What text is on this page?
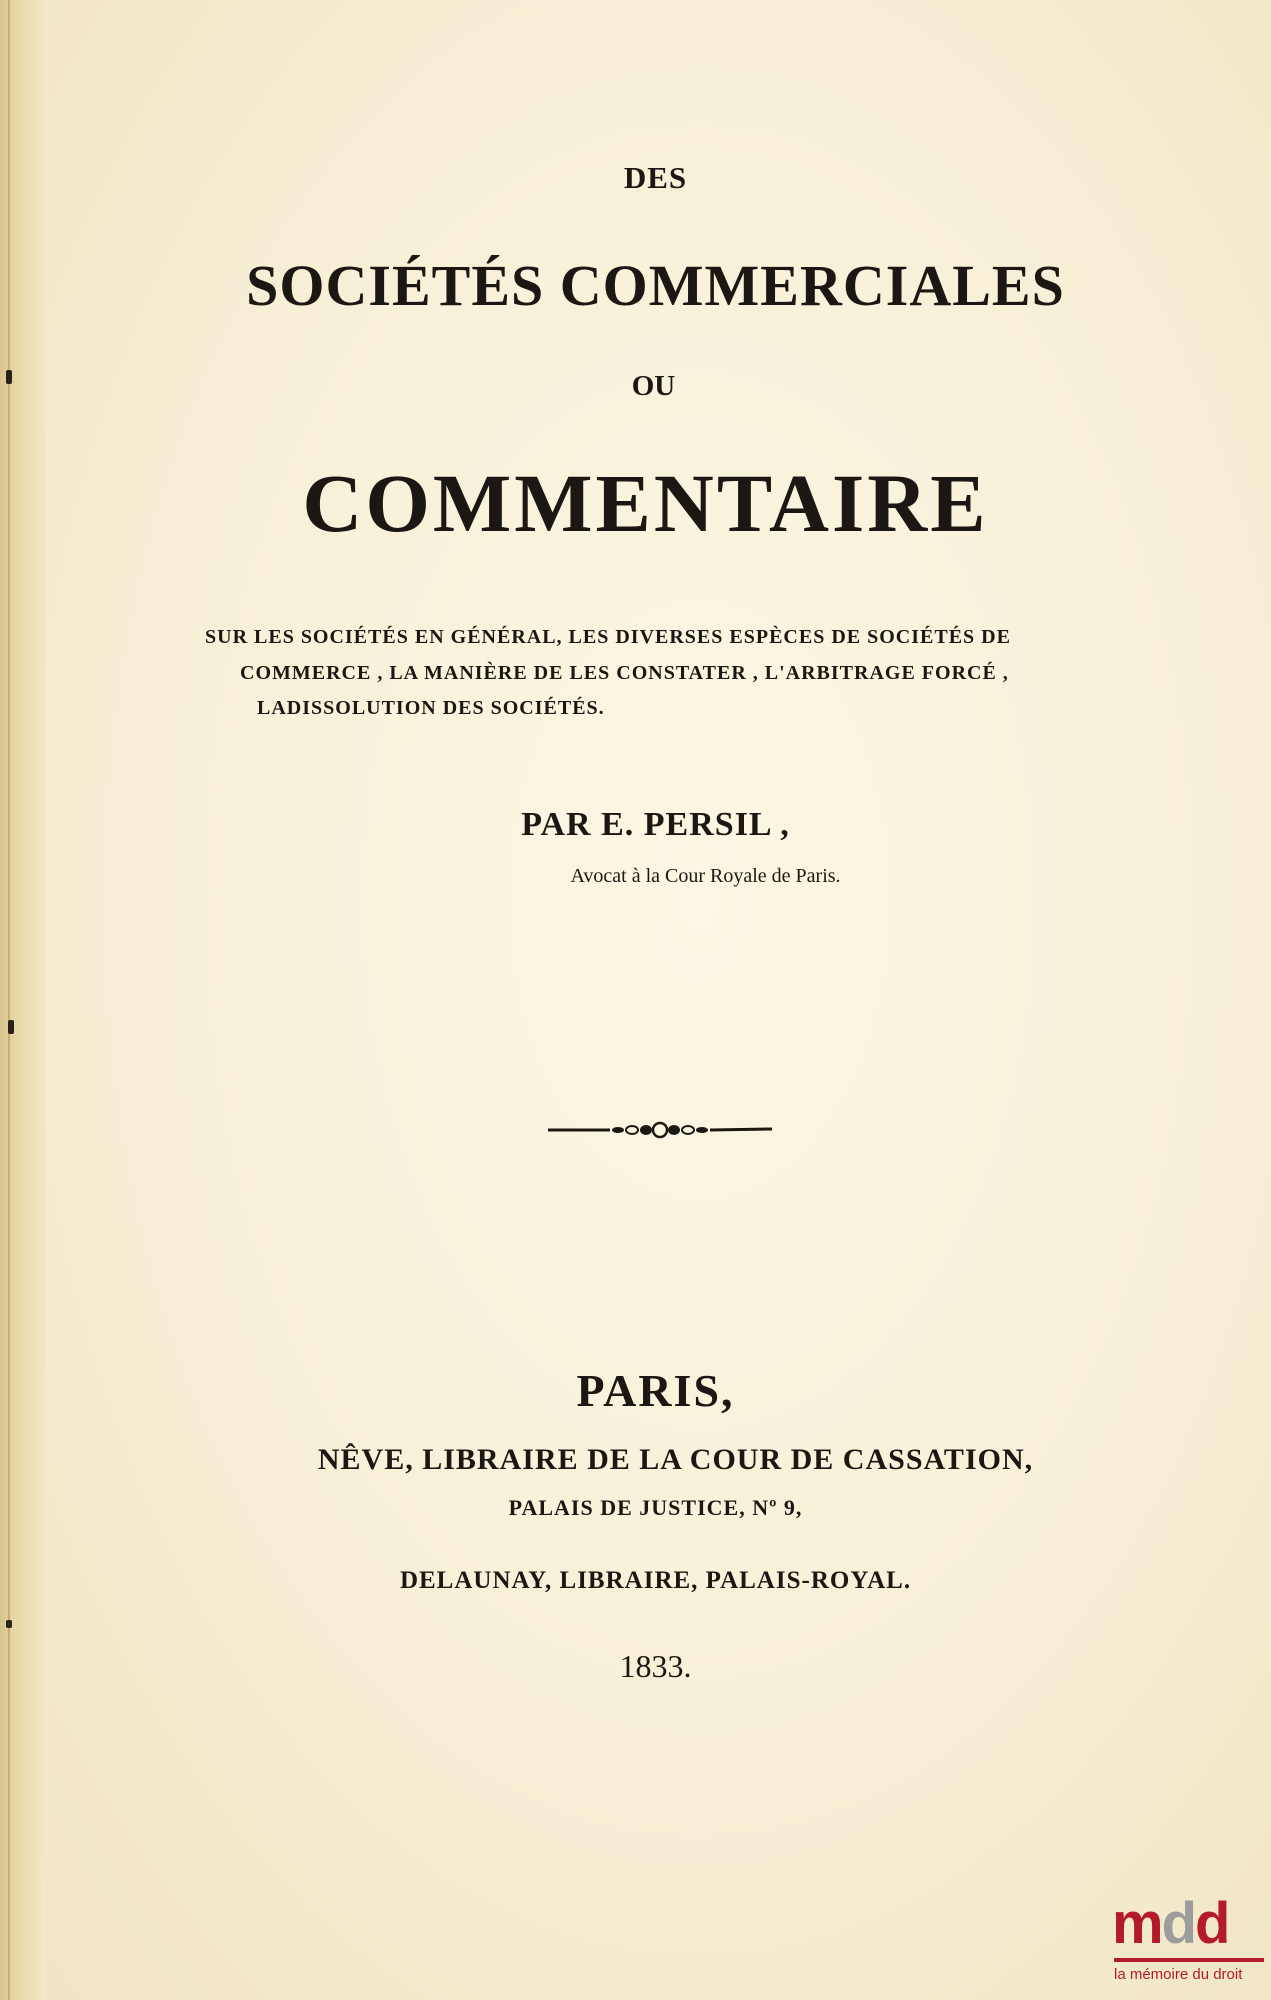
DES
SOCIÉTÉS COMMERCIALES
OU
COMMENTAIRE
SUR LES SOCIÉTÉS EN GÉNÉRAL, LES DIVERSES ESPÈCES DE SOCIÉTÉS DE
COMMERCE , LA MANIÈRE DE LES CONSTATER , L'ARBITRAGE FORCÉ ,
LADISSOLUTION DES SOCIÉTÉS.
PAR E. PERSIL ,
Avocat à la Cour Royale de Paris.
PARIS,
NÊVE, LIBRAIRE DE LA COUR DE CASSATION,
PALAIS DE JUSTICE, Nº 9,
DELAUNAY, LIBRAIRE, PALAIS-ROYAL.
1833.
mdd
la mémoire du droit
